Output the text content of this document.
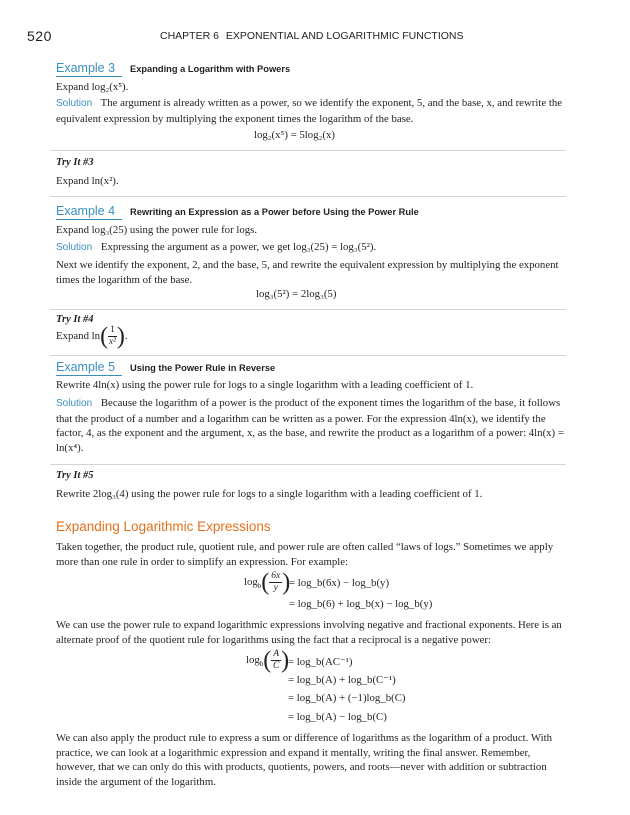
520	CHAPTER 6 EXPONENTIAL AND LOGARITHMIC FUNCTIONS
Example 3	Expanding a Logarithm with Powers
Expand log₂(x⁵).
Solution The argument is already written as a power, so we identify the exponent, 5, and the base, x, and rewrite the equivalent expression by multiplying the exponent times the logarithm of the base.
log₂(x⁵) = 5log₂(x)
Try It #3
Expand ln(x²).
Example 4	Rewriting an Expression as a Power before Using the Power Rule
Expand log₃(25) using the power rule for logs.
Solution Expressing the argument as a power, we get log₃(25) = log₃(5²).
Next we identify the exponent, 2, and the base, 5, and rewrite the equivalent expression by multiplying the exponent times the logarithm of the base.
log₃(5²) = 2log₃(5)
Try It #4
Expand $\ln( \frac{1}{\text{x²}}$ ).
Example 5	Using the Power Rule in Reverse
Rewrite 4ln(x) using the power rule for logs to a single logarithm with a leading coefficient of 1.
Solution Because the logarithm of a power is the product of the exponent times the logarithm of the base, it follows that the product of a number and a logarithm can be written as a power. For the expression 4ln(x), we identify the factor, 4, as the exponent and the argument, x, as the base, and rewrite the product as a logarithm of a power: 4ln(x) = ln(x⁴).
Try It #5
Rewrite 2log₃(4) using the power rule for logs to a single logarithm with a leading coefficient of 1.
Expanding Logarithmic Expressions
Taken together, the product rule, quotient rule, and power rule are often called “laws of logs.” Sometimes we apply more than one rule in order to simplify an expression. For example:
$\log_b( \frac{6x}{y}$ )
= log_b(6x) − log_b(y)
= log_b(6) + log_b(x) − log_b(y)
We can use the power rule to expand logarithmic expressions involving negative and fractional exponents. Here is an alternate proof of the quotient rule for logarithms using the fact that a reciprocal is a negative power:
$\log_b( \frac{A}{C}$ )
= log_b(AC⁻¹)
= log_b(A) + log_b(C⁻¹)
= log_b(A) + (−1)log_b(C)
= log_b(A) − log_b(C)
We can also apply the product rule to express a sum or difference of logarithms as the logarithm of a product. With practice, we can look at a logarithmic expression and expand it mentally, writing the final answer. Remember, however, that we can only do this with products, quotients, powers, and roots—never with addition or subtraction inside the argument of the logarithm.
